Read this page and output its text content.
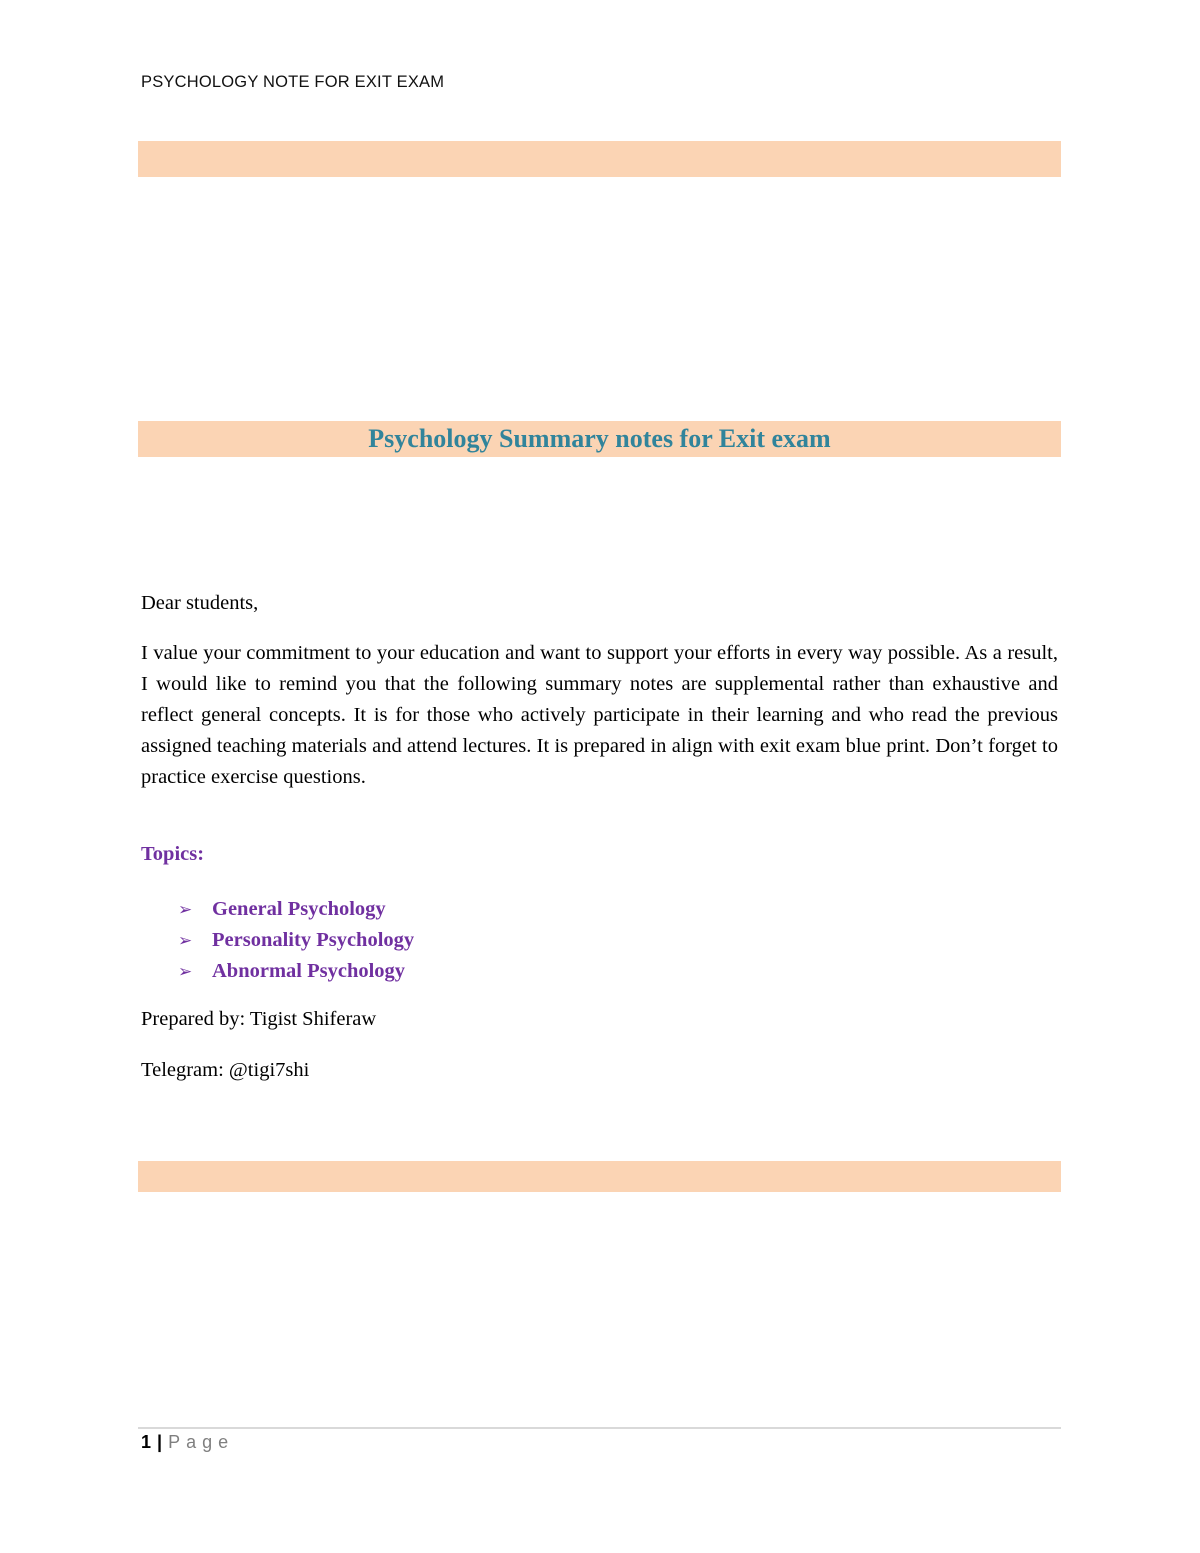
PSYCHOLOGY NOTE FOR EXIT EXAM
Psychology Summary notes for Exit exam
Dear students,
I value your commitment to your education and want to support your efforts in every way possible. As a result, I would like to remind you that the following summary notes are supplemental rather than exhaustive and reflect general concepts. It is for those who actively participate in their learning and who read the previous assigned teaching materials and attend lectures. It is prepared in align with exit exam blue print. Don’t forget to practice exercise questions.
Topics:
➢ General Psychology
➢ Personality Psychology
➢ Abnormal Psychology
Prepared by: Tigist Shiferaw
Telegram: @tigi7shi
1 | Page
